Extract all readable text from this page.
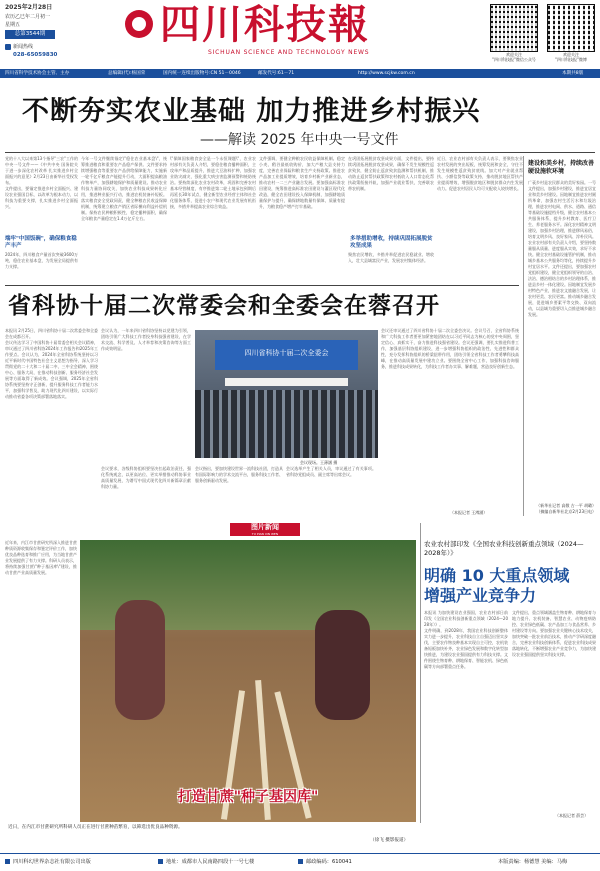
2025年2月28日
农历乙巳年二月初一
星期五
总第3544期
新闻热线
028-65059830
四川科技報
SICHUAN SCIENCE AND TECHNOLOGY NEWS	欢迎关注
"四川科技报"微信公众号
欢迎关注
"四川科技报"微博
四川省科学技术协会主管、主办	总编辑(代):杨国荣	国内统一连续出版物号:CN 51－0046	邮发代号:61－71	http://www.scjkw.com.cn	本期共8版
不断夯实农业基础 加力推进乡村振兴
——解读 2025 年中央一号文件
党的十八大以来第13个指导"三农"工作的中央一号文件——《中共中央 国务院关于进一步深化农村改革 扎实推进乡村全面振兴的意见》2月23日由新华社受权发布。
文件提出，要锚定推进乡村全面振兴、建设农业强国目标，以改革为根本动力，以科技为重要支撑，扎实推进乡村全面振兴。
端牢"中国饭碗"，确保粮食稳产丰产
2024年，四川粮食产量首次突破3600万吨，稳住农业基本盘，为发展全局提供有力支撑。
今年一号文件继续锚定\"稳住农业基本盘\"，统筹推进粮食和重要农产品稳产保供。文件要求持续增强粮食等重要农产品供给保障能力，实施新一轮千亿斤粮食产能提升行动，大面积提高粮油作物单产，加强耕地保护和质量建设。推动农业科技力量协同攻关，加快农业科技成果转化应用，推进种业振兴行动，推进农机装备补短板。落实粮食安全党政同责，健全种粮农民收益保障机制，统筹建立粮食产销区省际横向利益补偿机制。保持农民种粮积极性，稳定播种面积，确保全年粮食产量稳定在1.4万亿斤左右。
\"保障国家粮食安全是一个永恒课题\"，农业农村部有关负责人介绍，要稳住粮食播种面积，主攻单产和品质提升，推进大豆油料扩种，加强农业防灾减灾，强化重大病虫害监测预警和统防统治。要持续深化农业农村改革，巩固和完善农村基本经营制度，有序推进第二轮土地承包到期后再延长30年试点，健全新型农业经营主体和社会化服务体系，促进小农户和现代农业发展有机衔接，多措并举提高农业综合效益。
文件强调，要健全种粮农民收益保障机制。稳定小麦、稻谷最低收购价，加大产粮大县支持力度，完善农业保险和粮食生产支持政策。推进农产品加工业提质增效，培育乡村新产业新业态，推动农村一二三产业融合发展。要加强高标准农田建设，统筹推进高标准农田建设与灌区现代化改造，健全农田建设投入保障机制，加强耕地质量保护与提升，确保耕地数量有保障、质量有提升，为粮食稳产增产打牢基础。
在巩固拓展脱贫攻坚成果方面，文件提出，要持续巩固拓展脱贫攻坚成果，确保不发生规模性返贫致贫，健全防止返贫致贫监测和帮扶机制，推动防止返贫帮扶政策和农村低收入人口常态化帮扶政策衔接并轨，加强产业就业帮扶，完善联农带农机制。
多举措助增收，持续巩固拓展脱贫攻坚成果
聚焦农民增收，多措并举促进农民稳就业、增收入，壮大县域富民产业，发展农村集体经济。
近日，农业农村部有关负责人表示，要聚焦农业农村发展的突出短板，统筹发展和安全，守住不发生规模性返贫致贫底线。加大对产业就业帮扶、小额信贷等政策支持，推动脱贫地区帮扶产业提质增效，增强脱贫地区和脱贫群众内生发展动力。促进农村居民人均可支配收入较快增长。
建设和美乡村，持续改善硬设施软环境
广袤乡村是农民群众的美好家园。一号文件提出，加强乡村建设，推进宜居宜业和美乡村建设。因地制宜推进农村厕所革命，加强农村生活污水和垃圾治理，推进农村电网、供水、道路、通信等基础设施提档升级，健全农村基本公共服务体系，提升乡村教育、医疗卫生、养老服务水平。深化农村精神文明建设，加强乡村治理，推进移风易俗，培育文明乡风、良好家风、淳朴民风。农业农村部有关负责人介绍，要坚持数量服从质量、进度服从实效，求好不求快。健全农村基础设施管护机制，推动城乡基本公共服务均等化，持续提升乡村宜居水平。文件还提出，要加强农村党组织建设，健全党组织领导的自治、法治、德治相结合的乡村治理体系，推进县乡村一体化建设。因地制宜发展乡村特色产业，推进农文旅融合发展，让农村更美、农民更富。推动城乡融合发展，促进城乡要素平等交换、双向流动，以县域为重要切入点推进城乡融合发展。
（新华社记者 高敬 古一平 胡璐）
（摘编自新华社北京2月23日电）
省科协十届二次常委会和全委会在蓉召开
本报讯 2月25日，四川省科协十届二次常委会和全委会在成都召开。
会议传达学习了中国科协十届常委会相关会议精神，审议通过了四川省科协2024年工作报告和2025年工作要点。会议认为，2024年全省科协系统坚持以习近平新时代中国特色社会主义思想为指导，深入学习贯彻党的二十大和二十届二中、三中全会精神，围绕中心、服务大局，在推动科技创新、服务经济社会发展等方面取得了新成效。会议强调，2025年全省科协系统要坚持守正创新，提升服务科技工作者能力水平，加强科学普及，助力现代化四川建设，以实际行动推动省委各项决策部署落地落实。
会议认为，一年来四川省科协坚持以党建为引领，团结引领广大科技工作者投身科技强省建设，在学术交流、科学普及、人才举荐和决策咨询等方面工作成效明显。
四川省科协十届二次全委会
会议现场。王薄涵 摄
会议要求，各级科协组织要坚决扛起政治责任，强化系统观念，以更高站位、更实举措推动科协事业高质量发展，为谱写中国式现代化四川新篇章贡献科协力量。
会议指出，要加快建设世界一流科技社团，打造具有国际影响力的学术交流平台，服务科技工作者、服务创新驱动发展。
会议选举产生了相关人员，审议通过了有关事项。省科协党组成员、副主席等出席会议。
会议还审议通过了四川省科协十届二次全委会决议。会议号召，全省科协系统和广大科技工作者要更加紧密地团结在以习近平同志为核心的党中央周围，坚定信心、真抓实干，奋力推进科技强省建设。会议还强调，要扎实推进科普工作，加强基层科协组织建设，进一步增强科协组织的政治性、先进性和群众性，充分发挥科协组织的桥梁纽带作用，团结引领全省科技工作者勇攀科技高峰，在推动高质量发展中建功立业。要围绕全省中心工作，加强科技咨询服务，推进科技成果转化，为科技工作者办实事、解难题，营造良好创新生态。
（本报记者 王溥涵）
图片新闻
TU PIAN XIN WEN
打造甘蔗"种子基因库"
近日，在内江市甘蔗研究所科研人员正在进行甘蔗种苗繁育，以筛选出优良品种资源。
（徐飞 摄影报道）
近年来，内江市甘蔗研究所深入推进甘蔗种质资源收集保存和鉴定评价工作，加快优良品种选育和推广应用，为当地甘蔗产业发展提供了有力支撑。科研人员表示，将持续加强甘蔗\"种子基因库\"建设，推动甘蔗产业高质量发展。
农业农村部印发《全国农业科技创新重点领域（2024—2028年）》
明确 10 大重点领域
增强产业竞争力
本报讯 为加快建设农业强国，农业农村部日前印发《全国农业科技创新重点领域（2024—2028年）》。
文件明确，到2028年，我国农业科技创新整体实力进一步提升，农业科技自立自强迈出坚实步伐，主要农作物良种基本实现自主可控，农机装备短板加快补齐，农业绿色发展和数字化转型加快推进，为建设农业强国提供有力科技支撑。文件围绕生物育种、耕地保育、智能农机、绿色低碳等方向部署重点任务。
文件提出，重点领域涵盖生物育种、耕地保育与地力提升、农机装备、智慧农业、动物疫病防控、农业绿色低碳、农产品加工与食品营养、乡村建设等方向。要加强农业关键核心技术攻关，加快突破一批农业前沿技术，推动产学研深度融合，完善农业科技创新体系，促进农业科技成果落地转化，不断增强农业产业竞争力，为加快建设农业强国提供坚实科技支撑。
（本报记者 薛芸）
四川科幻世界杂志社有限公司出版	地址：成都市人民南路四段十一号七楼	邮政编码：610041	本版责编：杨德慧 美编：马梅
